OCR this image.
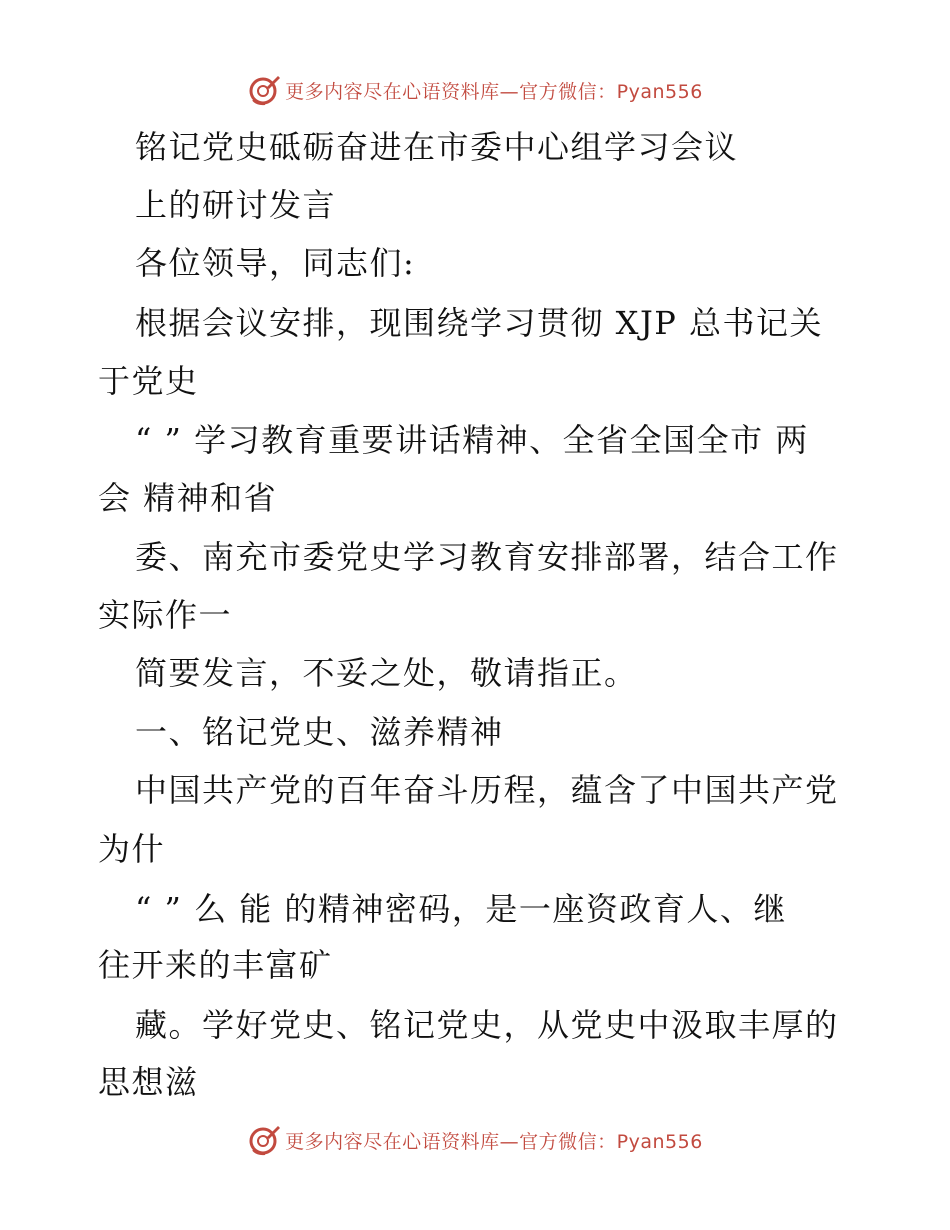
更多内容尽在心语资料库—官方微信：Pyan556
铭记党史砥砺奋进在市委中心组学习会议
上的研讨发言
各位领导，同志们:
根据会议安排，现围绕学习贯彻 XJP 总书记关
于党史
“ ” 学习教育重要讲话精神、全省全国全市 两
会 精神和省
委、南充市委党史学习教育安排部署，结合工作
实际作一
简要发言，不妥之处，敬请指正。
一、铭记党史、滋养精神
中国共产党的百年奋斗历程，蕴含了中国共产党
为什
“ ” 么 能 的精神密码，是一座资政育人、继
往开来的丰富矿
藏。学好党史、铭记党史，从党史中汲取丰厚的
思想滋
更多内容尽在心语资料库—官方微信：Pyan556
